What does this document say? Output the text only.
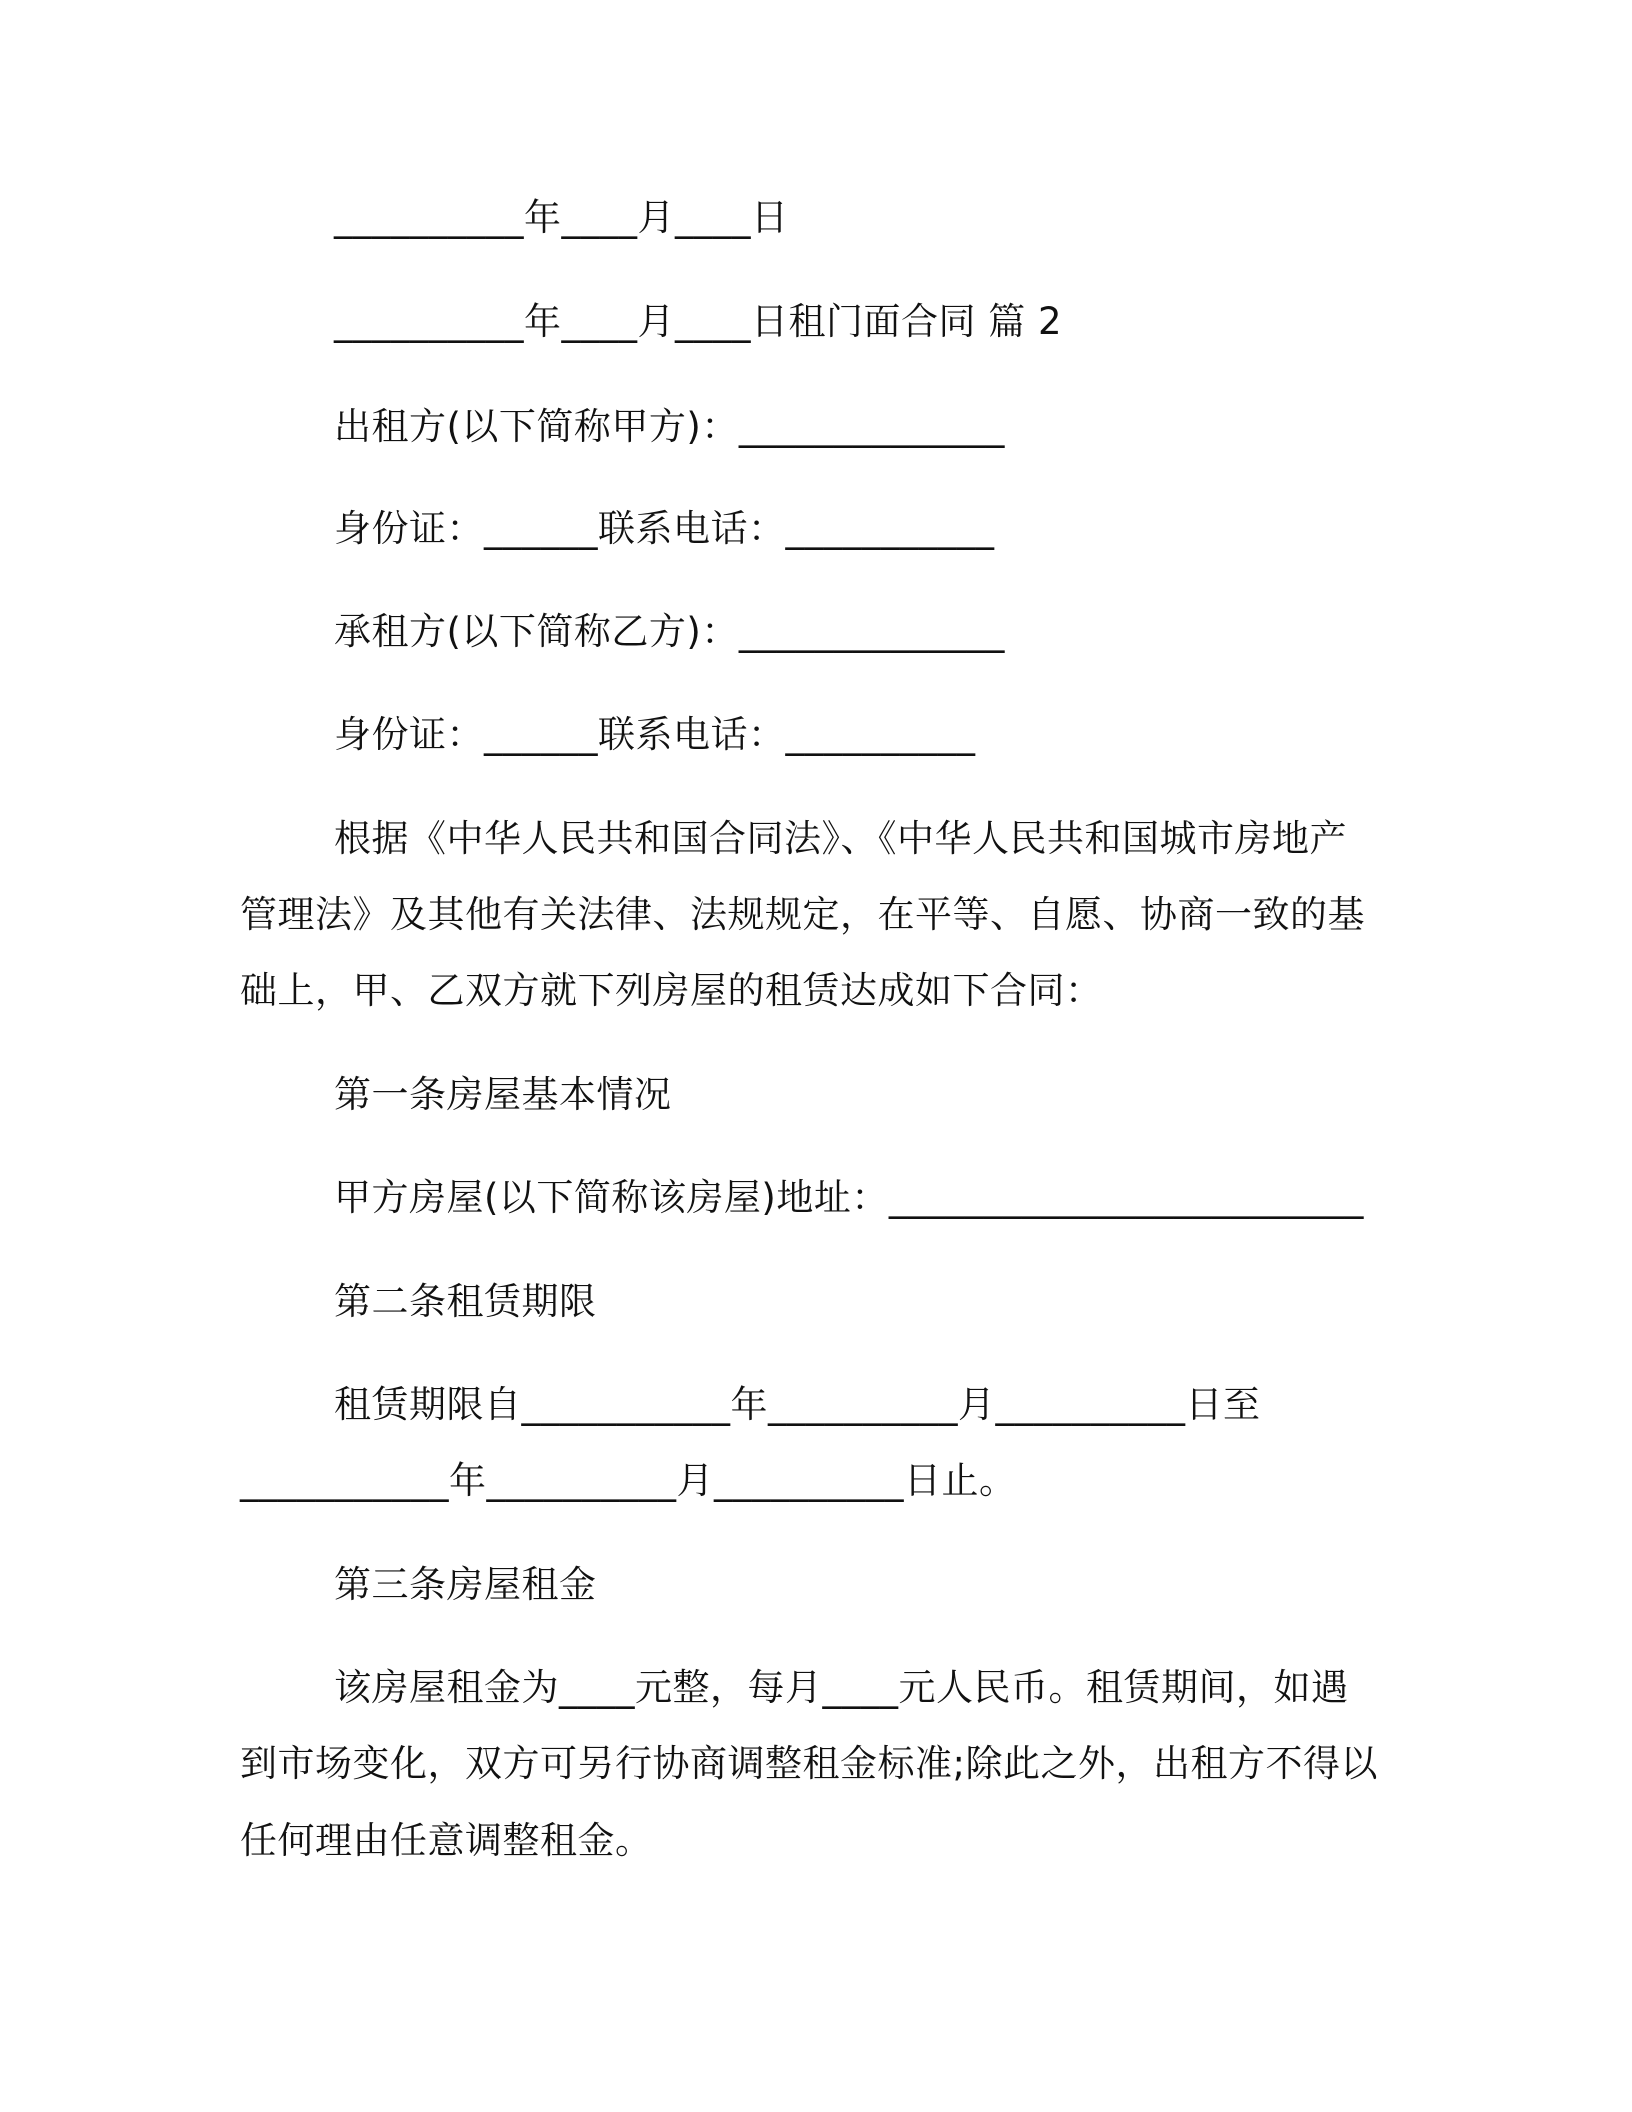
__________年____月____日
__________年____月____日租门面合同 篇 2
出租方(以下简称甲方)：______________
身份证：______联系电话：___________
承租方(以下简称乙方)：______________
身份证：______联系电话：__________
根据《中华人民共和国合同法》、《中华人民共和国城市房地产
管理法》及其他有关法律、法规规定，在平等、自愿、协商一致的基
础上，甲、乙双方就下列房屋的租赁达成如下合同：
第一条房屋基本情况
甲方房屋(以下简称该房屋)地址：_________________________
第二条租赁期限
租赁期限自___________年__________月__________日至
___________年__________月__________日止。
第三条房屋租金
该房屋租金为____元整，每月____元人民币。租赁期间，如遇
到市场变化，双方可另行协商调整租金标准;除此之外，出租方不得以
任何理由任意调整租金。
